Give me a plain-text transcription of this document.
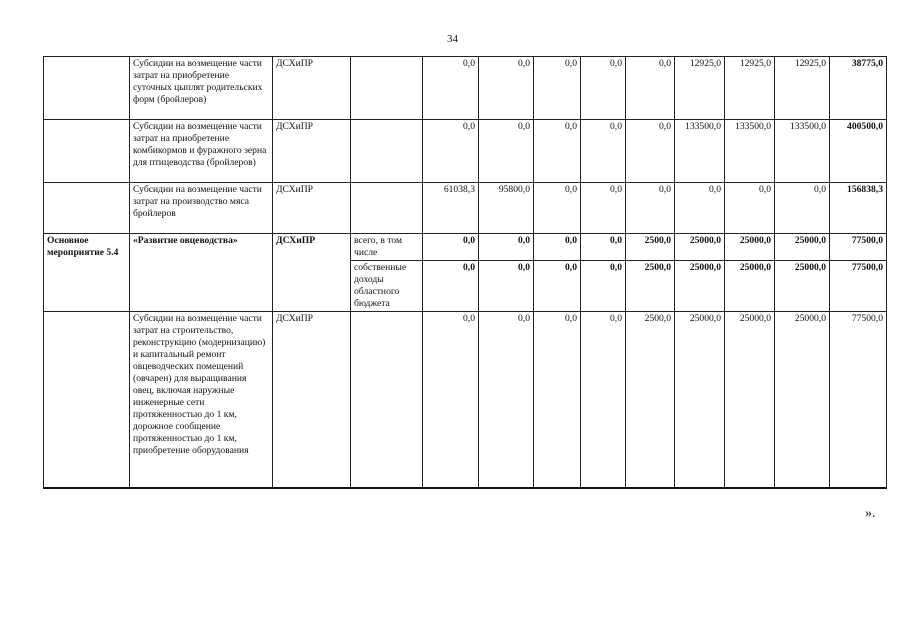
34
	Субсидии на возмещение части затрат на приобретение суточных цыплят родительских форм (бройлеров)	ДСХиПР		0,0	0,0	0,0	0,0	0,0	12925,0	12925,0	12925,0	38775,0
	Субсидии на возмещение части затрат на приобретение комбикормов и фуражного зерна для птицеводства (бройлеров)	ДСХиПР		0,0	0,0	0,0	0,0	0,0	133500,0	133500,0	133500,0	400500,0
	Субсидии на возмещение части затрат на производство мяса бройлеров	ДСХиПР		61038,3	95800,0	0,0	0,0	0,0	0,0	0,0	0,0	156838,3
Основное мероприятие 5.4	«Развитие овцеводства»	ДСХиПР	всего, в том числе	0,0	0,0	0,0	0,0	2500,0	25000,0	25000,0	25000,0	77500,0
			собственные доходы областного бюджета	0,0	0,0	0,0	0,0	2500,0	25000,0	25000,0	25000,0	77500,0
	Субсидии на возмещение части затрат на строительство, реконструкцию (модернизацию) и капитальный ремонт овцеводческих помещений (овчарен) для выращивания овец, включая наружные инженерные сети протяженностью до 1 км, дорожное сообщение протяженностью до 1 км, приобретение оборудования	ДСХиПР		0,0	0,0	0,0	0,0	2500,0	25000,0	25000,0	25000,0	77500,0
».
